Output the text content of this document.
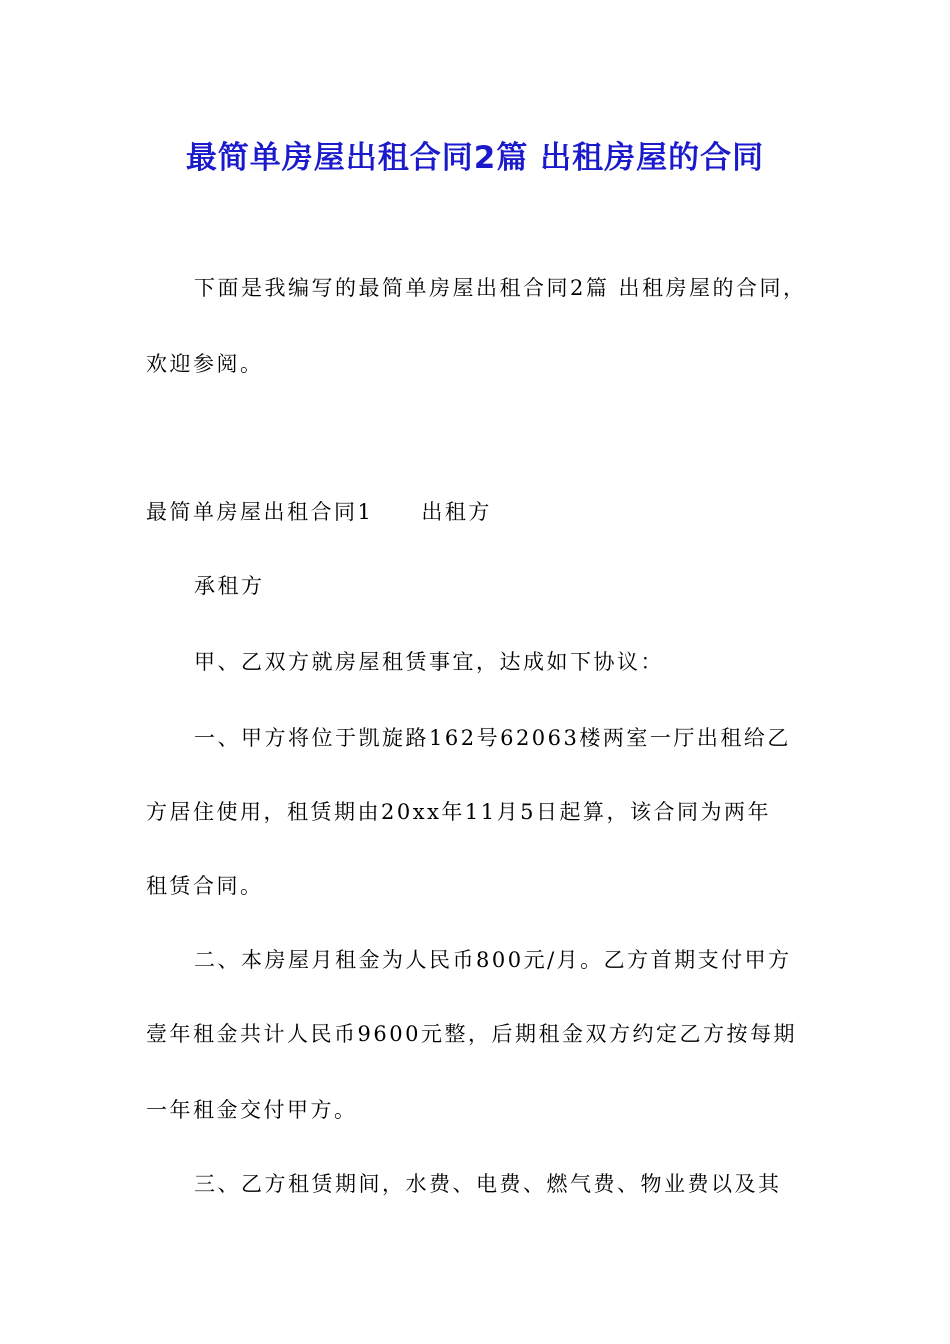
最简单房屋出租合同2篇 出租房屋的合同
下面是我编写的最简单房屋出租合同2篇 出租房屋的合同，
欢迎参阅。
最简单房屋出租合同1 出租方
承租方
甲、乙双方就房屋租赁事宜，达成如下协议：
一、甲方将位于凯旋路162号62063楼两室一厅出租给乙
方居住使用，租赁期由20xx年11月5日起算，该合同为两年
租赁合同。
二、本房屋月租金为人民币800元/月。乙方首期支付甲方
壹年租金共计人民币9600元整，后期租金双方约定乙方按每期
一年租金交付甲方。
三、乙方租赁期间，水费、电费、燃气费、物业费以及其
